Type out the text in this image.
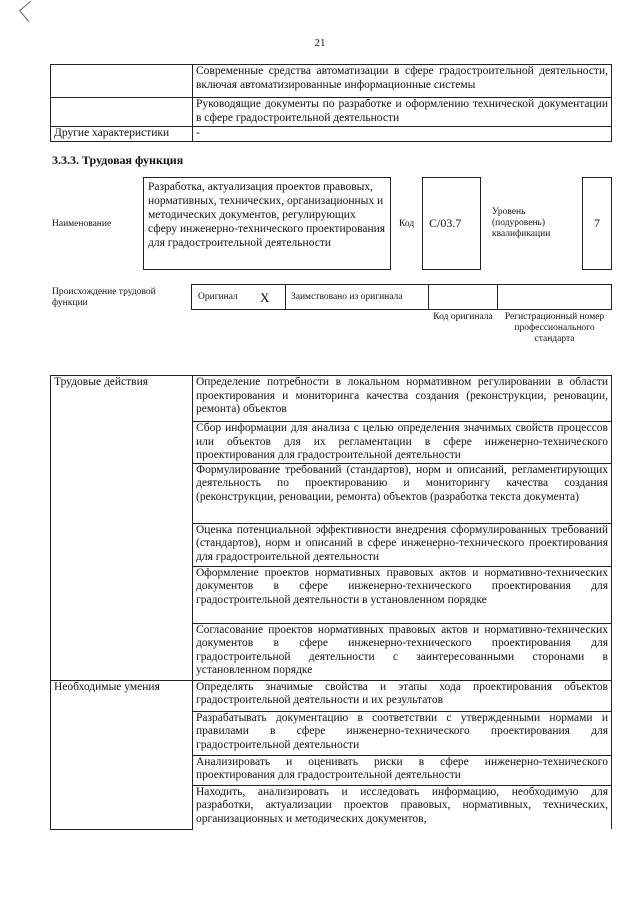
21
	Современные средства автоматизации в сфере градостроительной деятельности, включая автоматизированные информационные системы
	Руководящие документы по разработке и оформлению технической документации в сфере градостроительной деятельности
Другие характеристики	-
3.3.3. Трудовая функция
Наименование
Разработка, актуализация проектов правовых, нормативных, технических, организационных и методических документов, регулирующих сферу инженерно-технического проектирования для градостроительной деятельности
Код	С/03.7
Уровень (подуровень) квалификации
7
Происхождение трудовой функции
Оригинал X	Заимствовано из оригинала
Код оригинала	Регистрационный номер профессионального стандарта
Трудовые действия	Определение потребности в локальном нормативном регулировании в области проектирования и мониторинга качества создания (реконструкции, реновации, ремонта) объектов
	Сбор информации для анализа с целью определения значимых свойств процессов или объектов для их регламентации в сфере инженерно-технического проектирования для градостроительной деятельности
	Формулирование требований (стандартов), норм и описаний, регламентирующих деятельность по проектированию и мониторингу качества создания (реконструкции, реновации, ремонта) объектов (разработка текста документа)
	Оценка потенциальной эффективности внедрения сформулированных требований (стандартов), норм и описаний в сфере инженерно-технического проектирования для градостроительной деятельности
	Оформление проектов нормативных правовых актов и нормативно-технических документов в сфере инженерно-технического проектирования для градостроительной деятельности в установленном порядке
	Согласование проектов нормативных правовых актов и нормативно-технических документов в сфере инженерно-технического проектирования для градостроительной деятельности с заинтересованными сторонами в установленном порядке
Необходимые умения	Определять значимые свойства и этапы хода проектирования объектов градостроительной деятельности и их результатов
	Разрабатывать документацию в соответствии с утвержденными нормами и правилами в сфере инженерно-технического проектирования для градостроительной деятельности
	Анализировать и оценивать риски в сфере инженерно-технического проектирования для градостроительной деятельности
	Находить, анализировать и исследовать информацию, необходимую для разработки, актуализации проектов правовых, нормативных, технических, организационных и методических документов,
